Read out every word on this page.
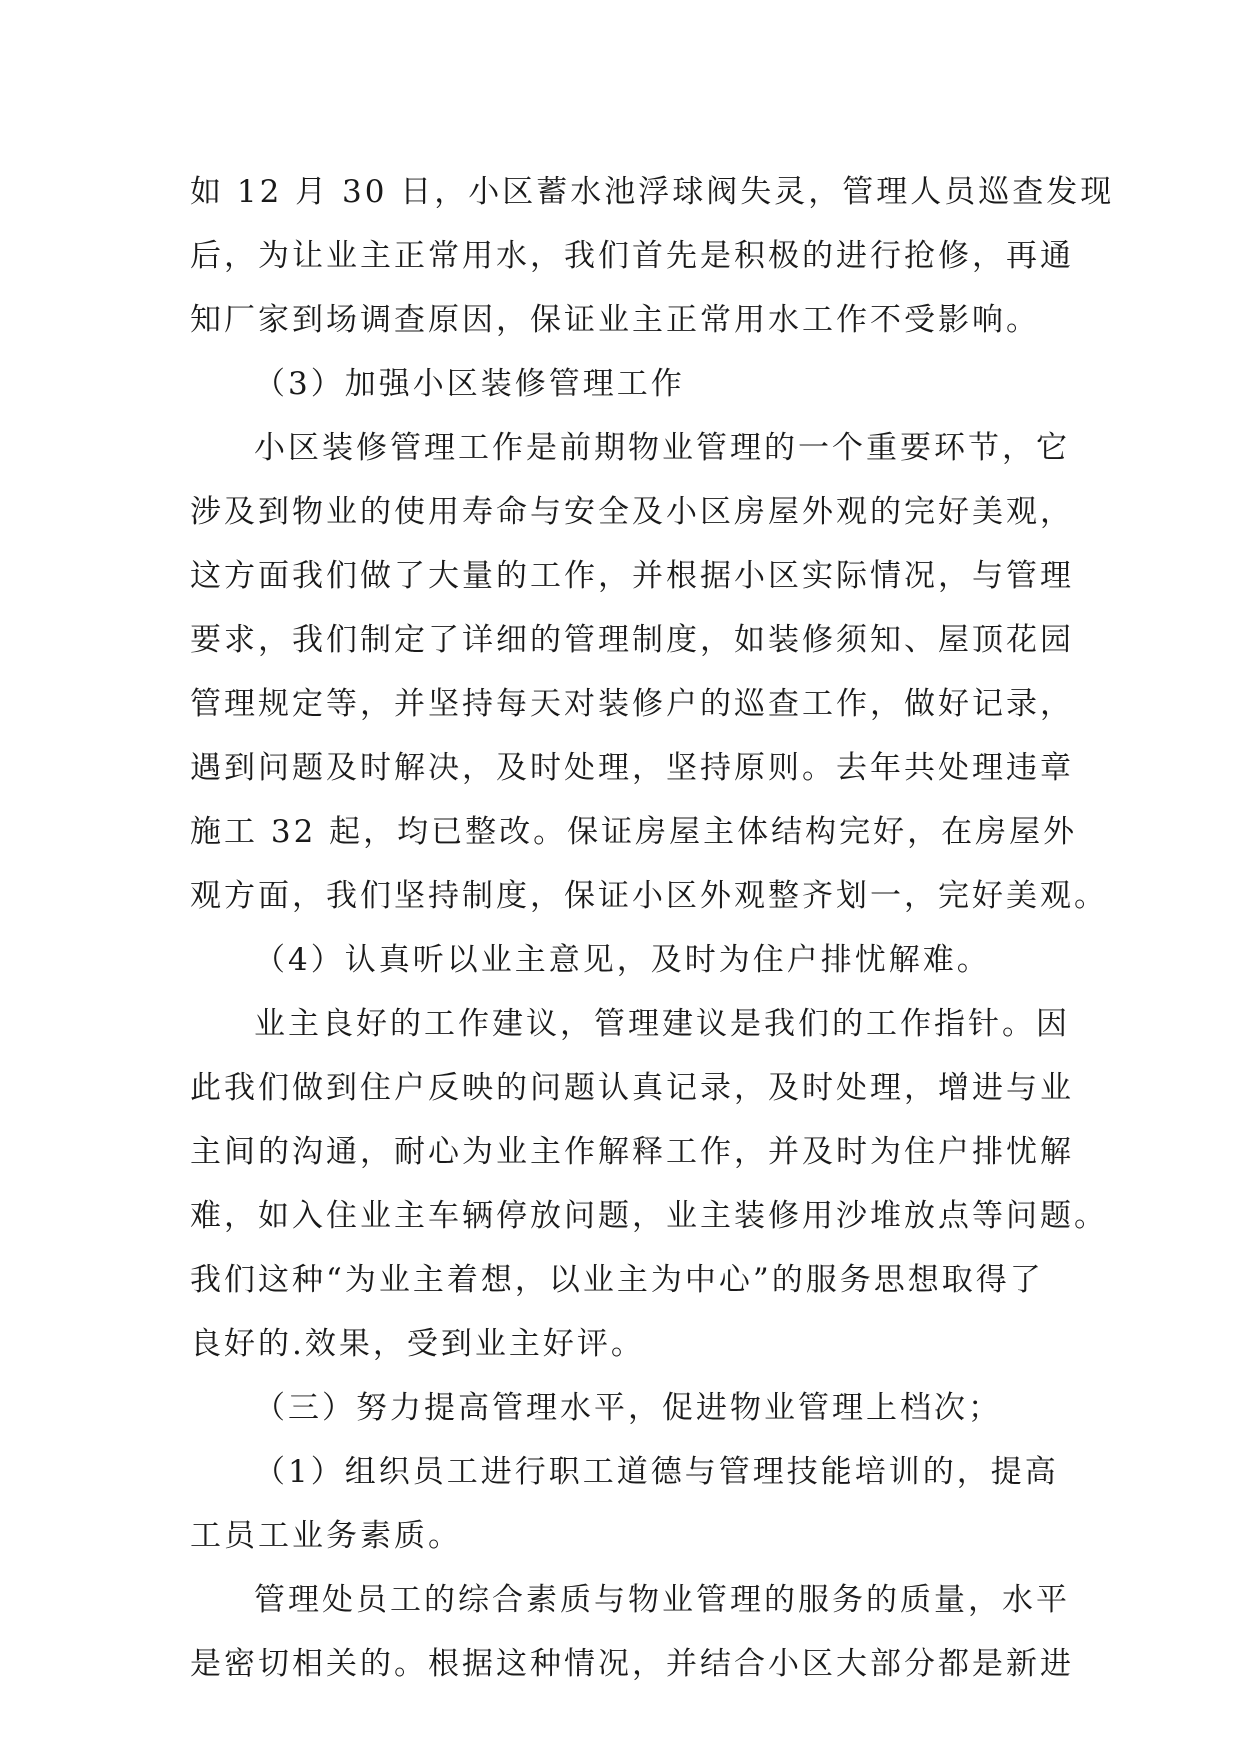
如 12 月 30 日，小区蓄水池浮球阀失灵，管理人员巡查发现
后，为让业主正常用水，我们首先是积极的进行抢修，再通
知厂家到场调查原因，保证业主正常用水工作不受影响。
（3）加强小区装修管理工作
小区装修管理工作是前期物业管理的一个重要环节，它
涉及到物业的使用寿命与安全及小区房屋外观的完好美观，
这方面我们做了大量的工作，并根据小区实际情况，与管理
要求，我们制定了详细的管理制度，如装修须知、屋顶花园
管理规定等，并坚持每天对装修户的巡查工作，做好记录，
遇到问题及时解决，及时处理，坚持原则。去年共处理违章
施工 32 起，均已整改。保证房屋主体结构完好，在房屋外
观方面，我们坚持制度，保证小区外观整齐划一，完好美观。
（4）认真听以业主意见，及时为住户排忧解难。
业主良好的工作建议，管理建议是我们的工作指针。因
此我们做到住户反映的问题认真记录，及时处理，增进与业
主间的沟通，耐心为业主作解释工作，并及时为住户排忧解
难，如入住业主车辆停放问题，业主装修用沙堆放点等问题。
我们这种“为业主着想，以业主为中心”的服务思想取得了
良好的.效果，受到业主好评。
（三）努力提高管理水平，促进物业管理上档次；
（1）组织员工进行职工道德与管理技能培训的，提高
工员工业务素质。
管理处员工的综合素质与物业管理的服务的质量，水平
是密切相关的。根据这种情况，并结合小区大部分都是新进
